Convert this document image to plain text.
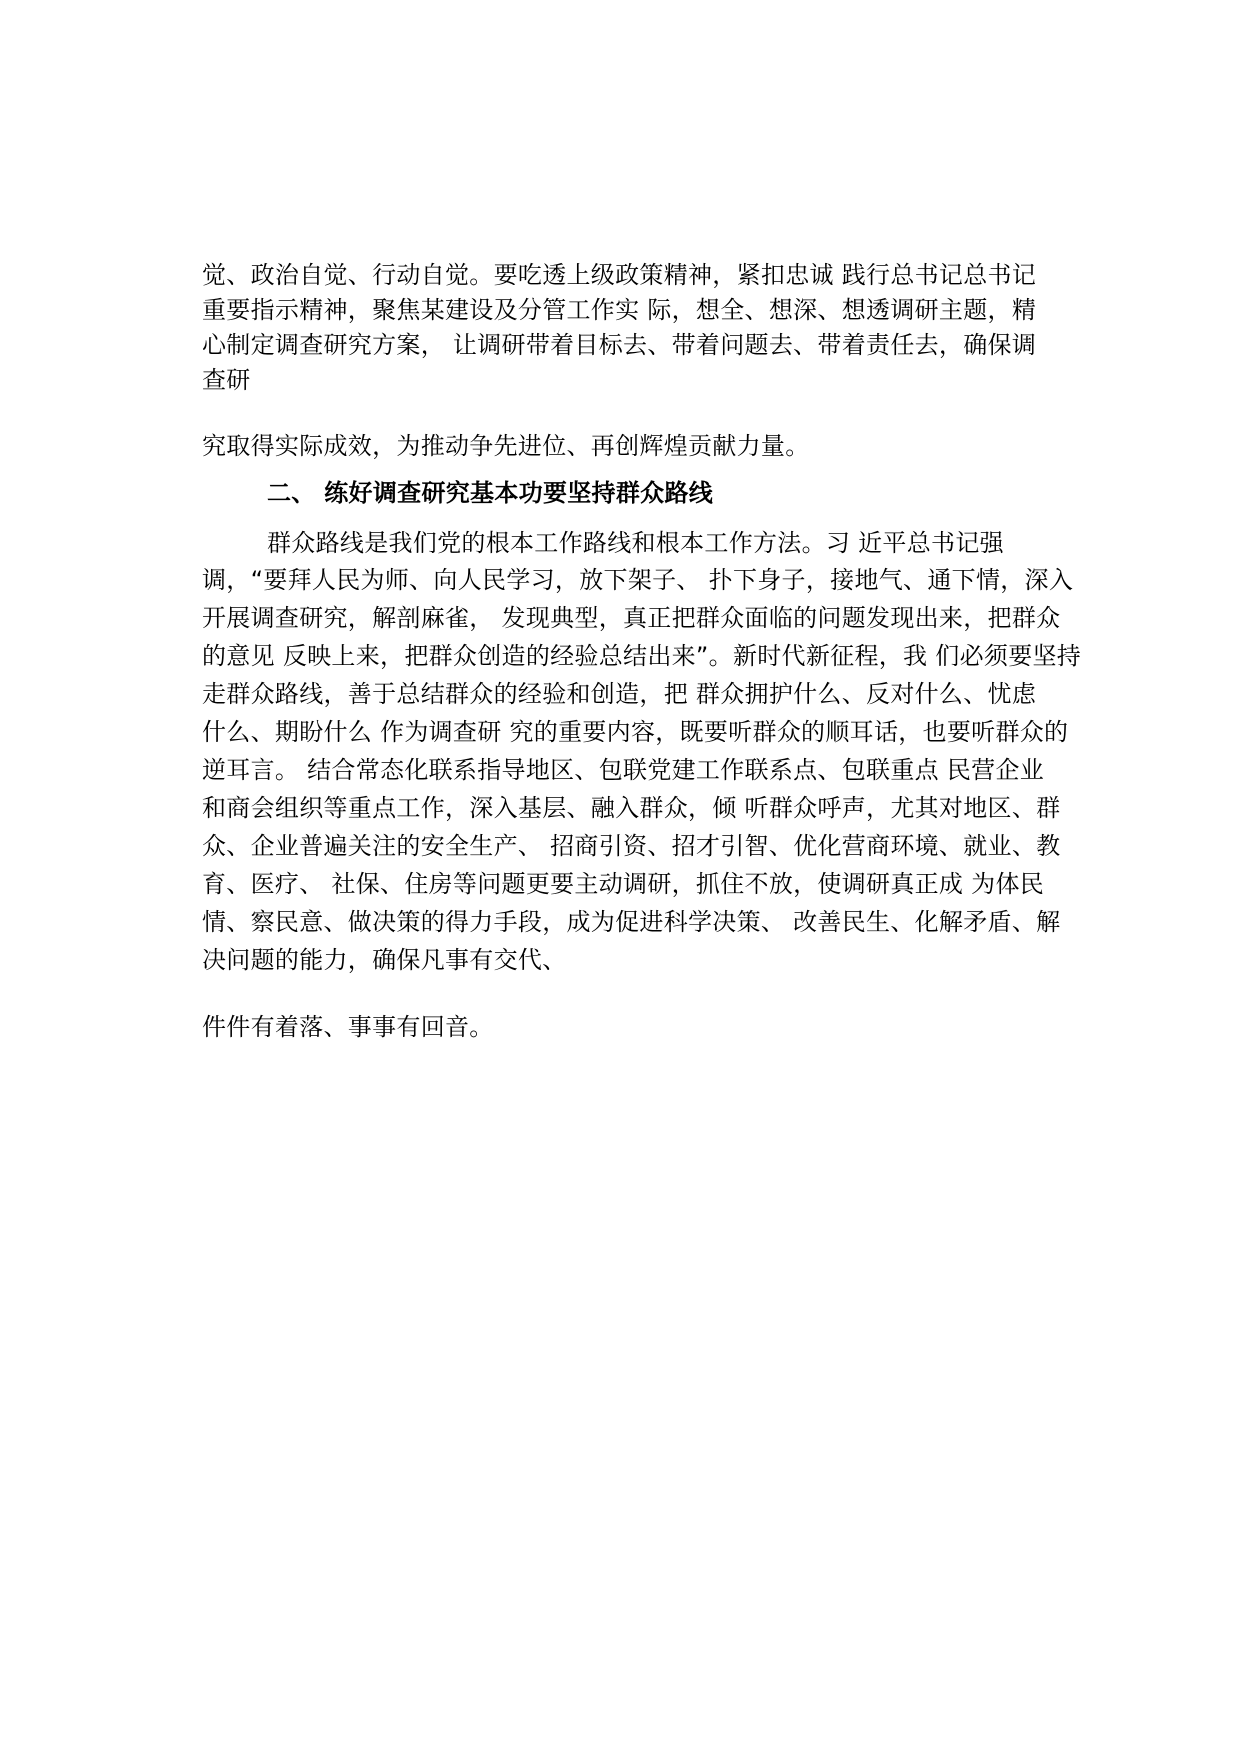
觉、政治自觉、行动自觉。要吃透上级政策精神，紧扣忠诚 践行总书记总书记
重要指示精神，聚焦某建设及分管工作实 际，想全、想深、想透调研主题，精
心制定调查研究方案， 让调研带着目标去、带着问题去、带着责任去，确保调
查研
究取得实际成效，为推动争先进位、再创辉煌贡献力量。
二、 练好调查研究基本功要坚持群众路线
群众路线是我们党的根本工作路线和根本工作方法。习 近平总书记强
调，“要拜人民为师、向人民学习，放下架子、 扑下身子，接地气、通下情，深入
开展调查研究，解剖麻雀， 发现典型，真正把群众面临的问题发现出来，把群众
的意见 反映上来，把群众创造的经验总结出来”。新时代新征程，我 们必须要坚持
走群众路线，善于总结群众的经验和创造，把 群众拥护什么、反对什么、忧虑
什么、期盼什么 作为调查研 究的重要内容，既要听群众的顺耳话，也要听群众的
逆耳言。 结合常态化联系指导地区、包联党建工作联系点、包联重点 民营企业
和商会组织等重点工作，深入基层、融入群众，倾 听群众呼声，尤其对地区、群
众、企业普遍关注的安全生产、 招商引资、招才引智、优化营商环境、就业、教
育、医疗、 社保、住房等问题更要主动调研，抓住不放，使调研真正成 为体民
情、察民意、做决策的得力手段，成为促进科学决策、 改善民生、化解矛盾、解
决问题的能力，确保凡事有交代、
件件有着落、事事有回音。
